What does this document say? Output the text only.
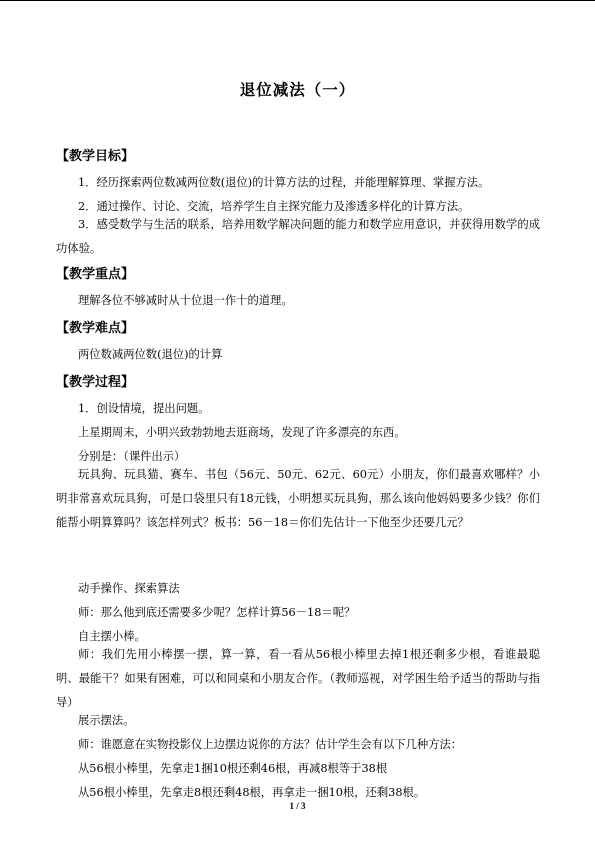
退位减法（一）
【教学目标】
1．经历探索两位数减两位数(退位)的计算方法的过程，并能理解算理、掌握方法。
2．通过操作、讨论、交流，培养学生自主探究能力及渗透多样化的计算方法。
3．感受数学与生活的联系，培养用数学解决问题的能力和数学应用意识，并获得用数学的成功体验。
【教学重点】
理解各位不够减时从十位退一作十的道理。
【教学难点】
两位数减两位数(退位)的计算
【教学过程】
1．创设情境，提出问题。
上星期周末，小明兴致勃勃地去逛商场，发现了许多漂亮的东西。
分别是：（课件出示）
玩具狗、玩具猫、赛车、书包（56元、50元、62元、60元）小朋友，你们最喜欢哪样？小明非常喜欢玩具狗，可是口袋里只有18元钱，小明想买玩具狗，那么该向他妈妈要多少钱？你们能帮小明算算吗？该怎样列式？板书：56－18＝你们先估计一下他至少还要几元？
动手操作、探索算法
师：那么他到底还需要多少呢？怎样计算56－18＝呢？
自主摆小棒。
师：我们先用小棒摆一摆，算一算，看一看从56根小棒里去掉1根还剩多少根，看谁最聪明、最能干？如果有困难，可以和同桌和小朋友合作。（教师巡视，对学困生给予适当的帮助与指导）
展示摆法。
师：谁愿意在实物投影仪上边摆边说你的方法？估计学生会有以下几种方法：
从56根小棒里，先拿走1捆10根还剩46根，再减8根等于38根
从56根小棒里，先拿走8根还剩48根，再拿走一捆10根，还剩38根。
1 / 3
